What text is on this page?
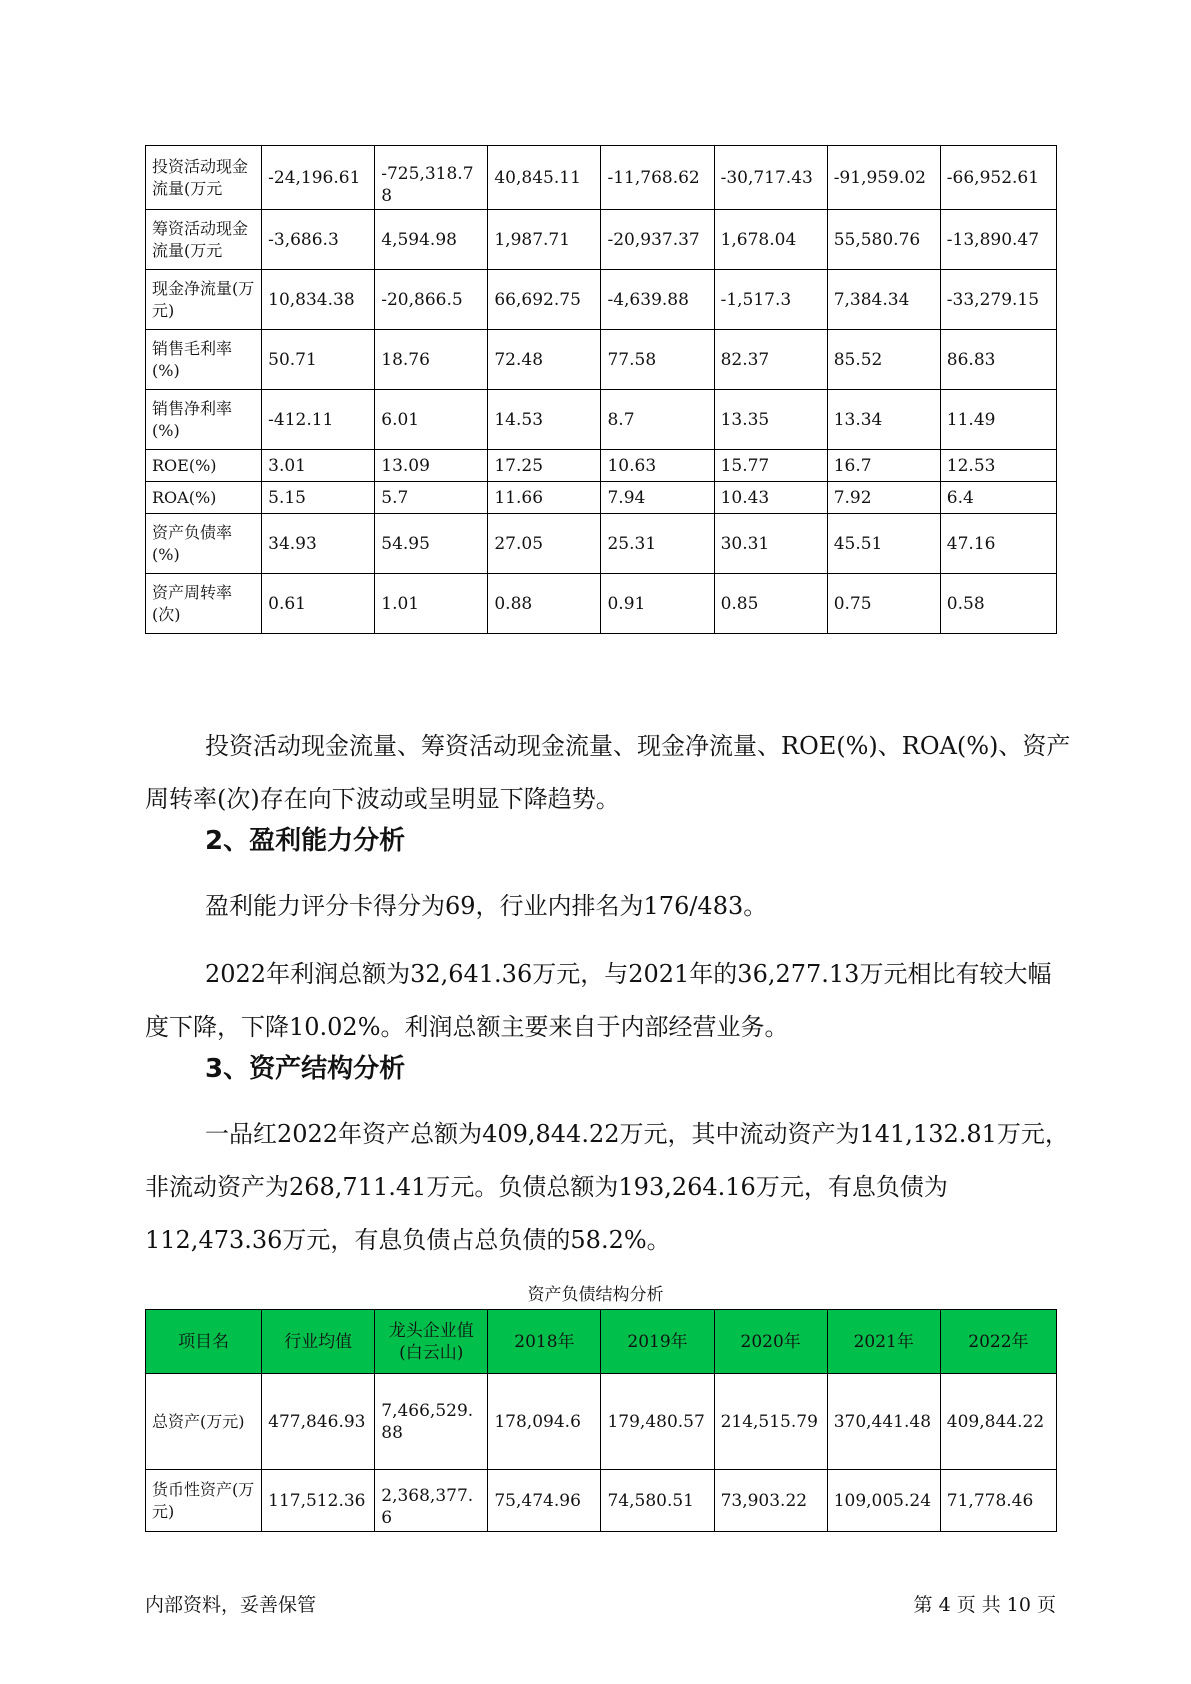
投资活动现金流量(万元	-24,196.61	-725,318.78	40,845.11	-11,768.62	-30,717.43	-91,959.02	-66,952.61
筹资活动现金流量(万元	-3,686.3	4,594.98	1,987.71	-20,937.37	1,678.04	55,580.76	-13,890.47
现金净流量(万元)	10,834.38	-20,866.5	66,692.75	-4,639.88	-1,517.3	7,384.34	-33,279.15
销售毛利率(%)	50.71	18.76	72.48	77.58	82.37	85.52	86.83
销售净利率(%)	-412.11	6.01	14.53	8.7	13.35	13.34	11.49
ROE(%)	3.01	13.09	17.25	10.63	15.77	16.7	12.53
ROA(%)	5.15	5.7	11.66	7.94	10.43	7.92	6.4
资产负债率(%)	34.93	54.95	27.05	25.31	30.31	45.51	47.16
资产周转率(次)	0.61	1.01	0.88	0.91	0.85	0.75	0.58

投资活动现金流量、筹资活动现金流量、现金净流量、ROE(%)、ROA(%)、资产周转率(次)存在向下波动或呈明显下降趋势。

2、盈利能力分析

盈利能力评分卡得分为69，行业内排名为176/483。

2022年利润总额为32,641.36万元，与2021年的36,277.13万元相比有较大幅度下降，下降10.02%。利润总额主要来自于内部经营业务。

3、资产结构分析

一品红2022年资产总额为409,844.22万元，其中流动资产为141,132.81万元，非流动资产为268,711.41万元。负债总额为193,264.16万元，有息负债为112,473.36万元，有息负债占总负债的58.2%。

资产负债结构分析

项目名	行业均值	龙头企业值(白云山)	2018年	2019年	2020年	2021年	2022年
总资产(万元)	477,846.93	7,466,529.88	178,094.6	179,480.57	214,515.79	370,441.48	409,844.22
货币性资产(万元)	117,512.36	2,368,377.6	75,474.96	74,580.51	73,903.22	109,005.24	71,778.46

内部资料，妥善保管	第 4 页 共 10 页
